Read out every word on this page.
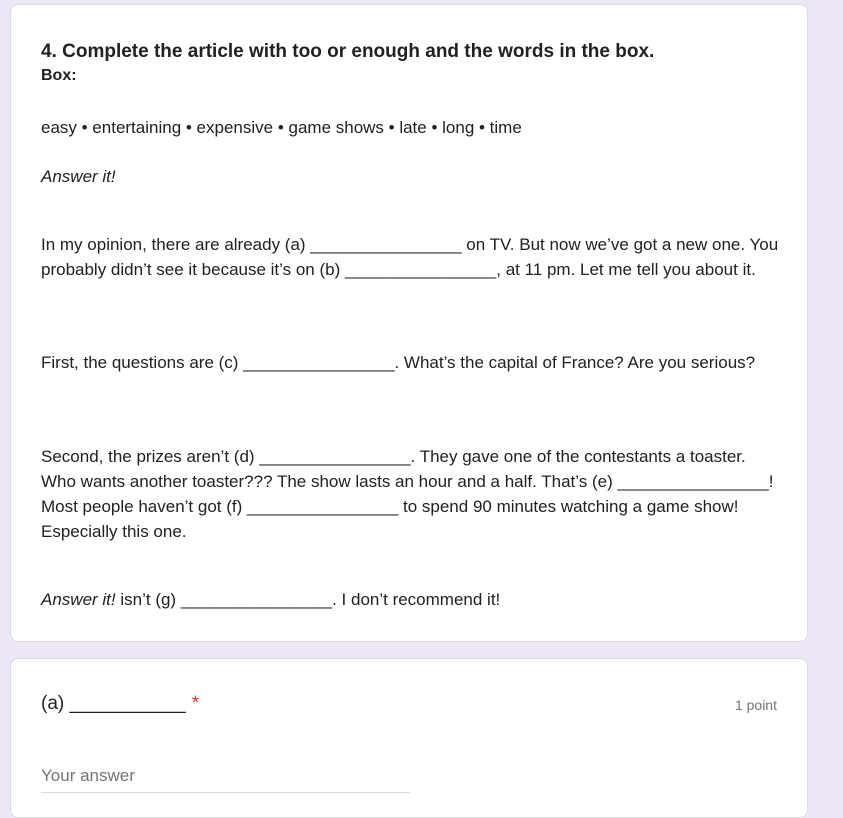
4. Complete the article with too or enough and the words in the box.
Box:
easy • entertaining • expensive • game shows • late • long • time
Answer it!
In my opinion, there are already (a) ________________ on TV. But now we’ve got a new one. You probably didn’t see it because it’s on (b) ________________, at 11 pm. Let me tell you about it.
First, the questions are (c) ________________. What’s the capital of France? Are you serious?
Second, the prizes aren’t (d) ________________. They gave one of the contestants a toaster. Who wants another toaster??? The show lasts an hour and a half. That’s (e) ________________! Most people haven’t got (f) ________________ to spend 90 minutes watching a game show! Especially this one.
Answer it! isn’t (g) ________________. I don’t recommend it!
(a) ___________ *	1 point
Your answer
